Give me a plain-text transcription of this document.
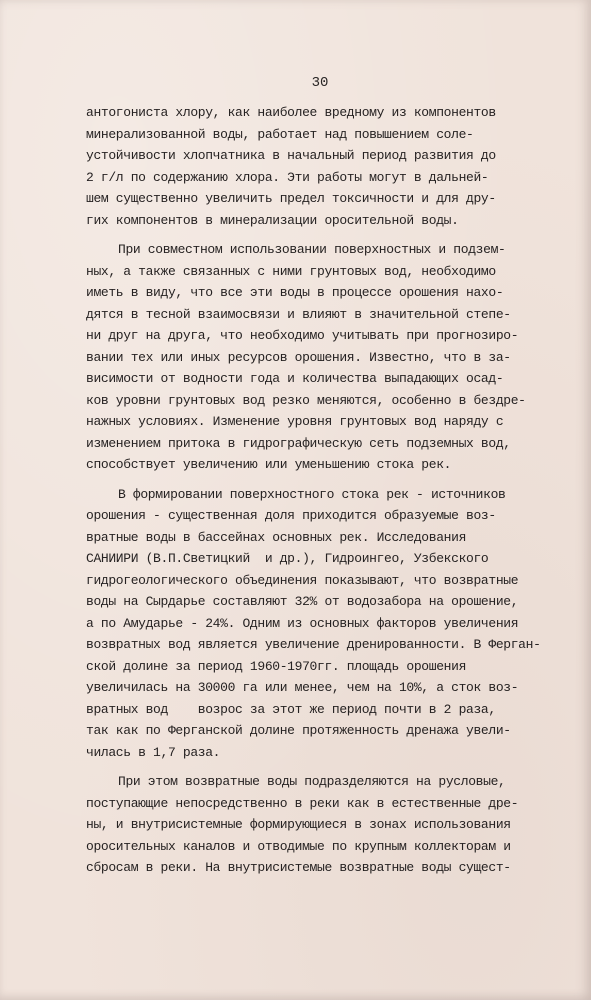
30
антогониста хлору, как наиболее вредному из компонентов
минерализованной воды, работает над повышением соле-
устойчивости хлопчатника в начальный период развития до
2 г/л по содержанию хлора. Эти работы могут в дальней-
шем существенно увеличить предел токсичности и для дру-
гих компонентов в минерализации оросительной воды.
При совместном использовании поверхностных и подзем-
ных, а также связанных с ними грунтовых вод, необходимо
иметь в виду, что все эти воды в процессе орошения нахо-
дятся в тесной взаимосвязи и влияют в значительной степе-
ни друг на друга, что необходимо учитывать при прогнозиро-
вании тех или иных ресурсов орошения. Известно, что в за-
висимости от водности года и количества выпадающих осад-
ков уровни грунтовых вод резко меняются, особенно в бездре-
нажных условиях. Изменение уровня грунтовых вод наряду с
изменением притока в гидрографическую сеть подземных вод,
способствует увеличению или уменьшению стока рек.
В формировании поверхностного стока рек - источников
орошения - существенная доля приходится образуемые воз-
вратные воды в бассейнах основных рек. Исследования
САНИИРИ (В.П.Светицкий  и др.), Гидроингео, Узбекского
гидрогеологического объединения показывают, что возвратные
воды на Сырдарье составляют 32% от водозабора на орошение,
а по Амударье - 24%. Одним из основных факторов увеличения
возвратных вод является увеличение дренированности. В Ферган-
ской долине за период 1960-1970гг. площадь орошения
увеличилась на 30000 га или менее, чем на 10%, а сток воз-
вратных вод    возрос за этот же период почти в 2 раза,
так как по Ферганской долине протяженность дренажа увели-
чилась в 1,7 раза.
При этом возвратные воды подразделяются на русловые,
поступающие непосредственно в реки как в естественные дре-
ны, и внутрисистемные формирующиеся в зонах использования
оросительных каналов и отводимые по крупным коллекторам и
сбросам в реки. На внутрисистемые возвратные воды сущест-
